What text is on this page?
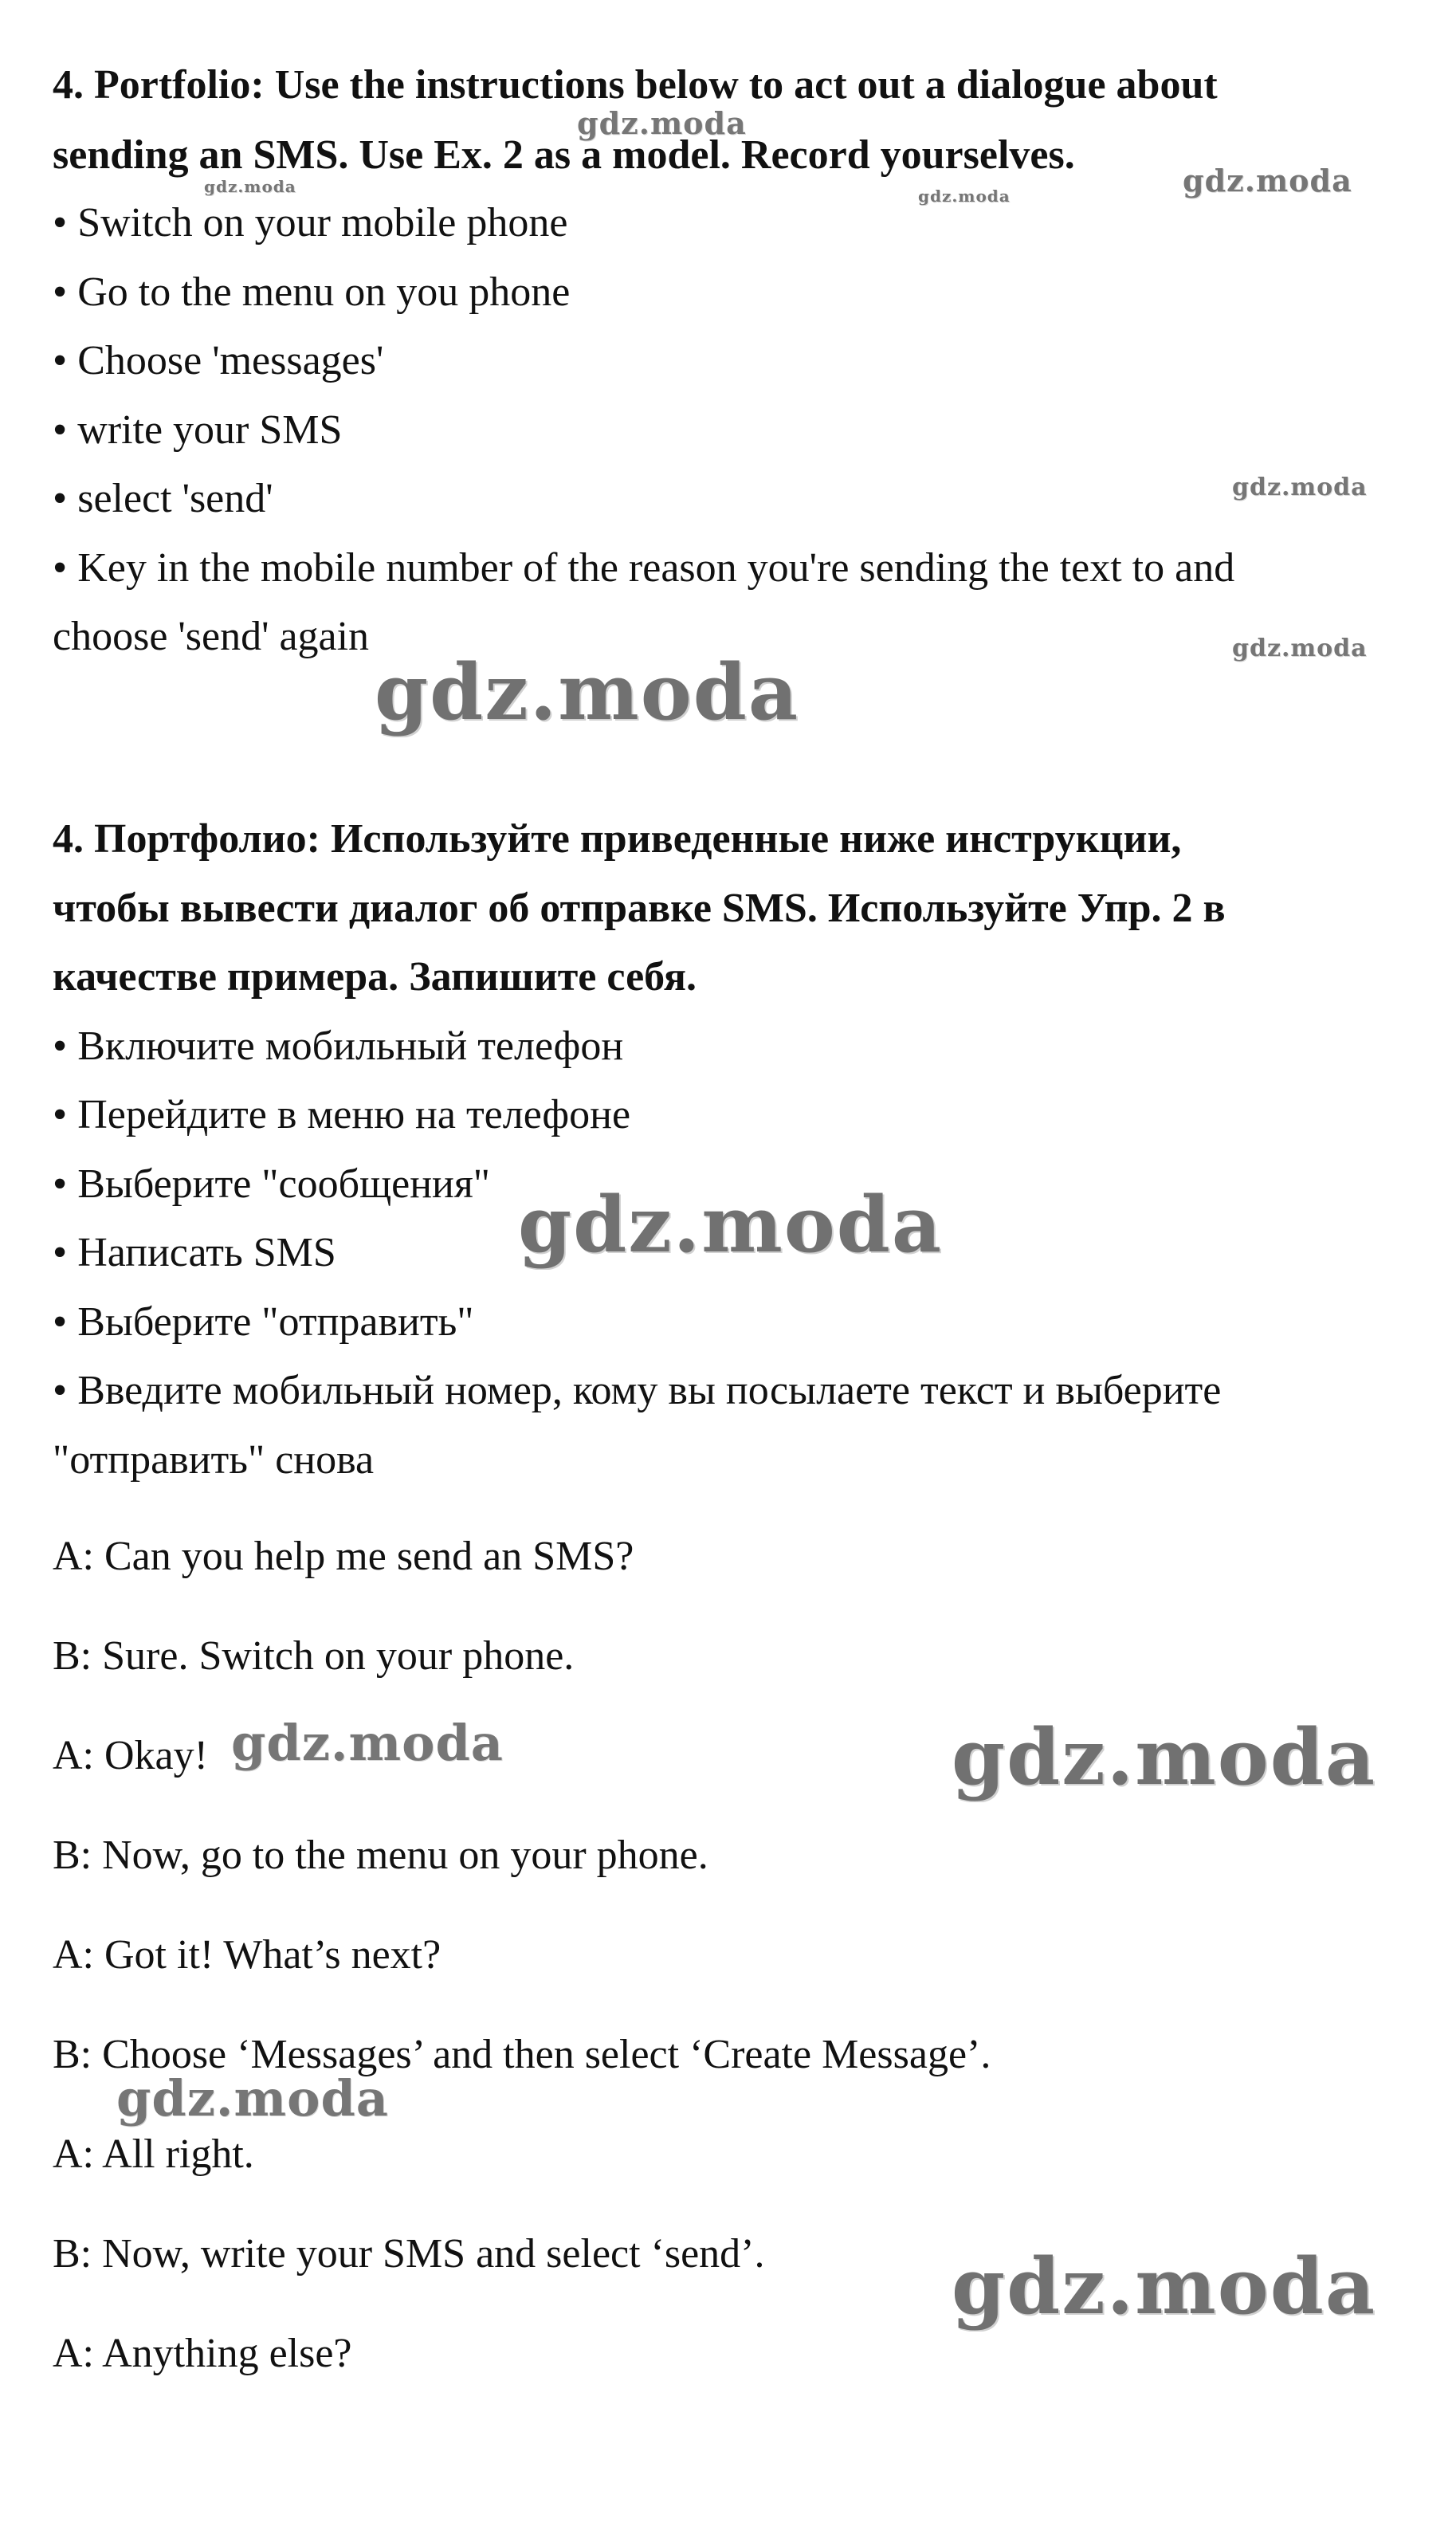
4. Portfolio: Use the instructions below to act out a dialogue about

sending an SMS. Use Ex. 2 as a model. Record yourselves.

• Switch on your mobile phone

• Go to the menu on you phone

• Choose 'messages'

• write your SMS

• select 'send'

• Key in the mobile number of the reason you're sending the text to and

choose 'send' again

4. Портфолио: Используйте приведенные ниже инструкции,

чтобы вывести диалог об отправке SMS. Используйте Упр. 2 в

качестве примера. Запишите себя.

• Включите мобильный телефон

• Перейдите в меню на телефоне

• Выберите "сообщения"

• Написать SMS

• Выберите "отправить"

• Введите мобильный номер, кому вы посылаете текст и выберите

"отправить" снова

A: Can you help me send an SMS?

B: Sure. Switch on your phone.

A: Okay!

B: Now, go to the menu on your phone.

A: Got it! What’s next?

B: Choose ‘Messages’ and then select ‘Create Message’.

A: All right.

B: Now, write your SMS and select ‘send’.

A: Anything else?

gdz.moda
gdz.moda
gdz.moda	gdz.moda
gdz.moda
gdz.moda
gdz.moda
gdz.moda
gdz.moda	gdz.moda
gdz.moda
gdz.moda
